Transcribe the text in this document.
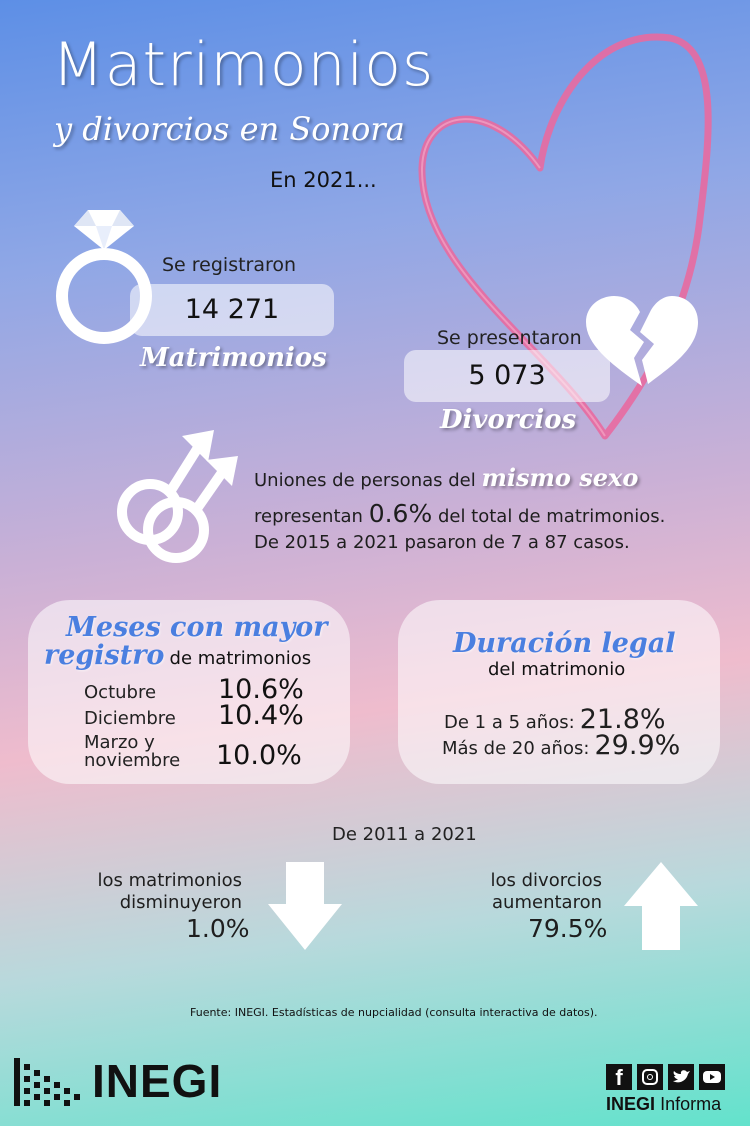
Matrimonios
y divorcios en Sonora
En 2021...
Se registraron
14 271
Matrimonios
Se presentaron
5 073
Divorcios
Uniones de personas del mismo sexo
representan 0.6% del total de matrimonios.
De 2015 a 2021 pasaron de 7 a 87 casos.
Meses con mayor
registro de matrimonios
Octubre 10.6%
Diciembre 10.4%
Marzo y noviembre	10.0%
Duración legal
del matrimonio
De 1 a 5 años: 21.8%
Más de 20 años: 29.9%
De 2011 a 2021
los matrimonios
disminuyeron
1.0%
los divorcios
aumentaron
79.5%
Fuente: INEGI. Estadísticas de nupcialidad (consulta interactiva de datos).
INEGI	f
INEGI Informa
